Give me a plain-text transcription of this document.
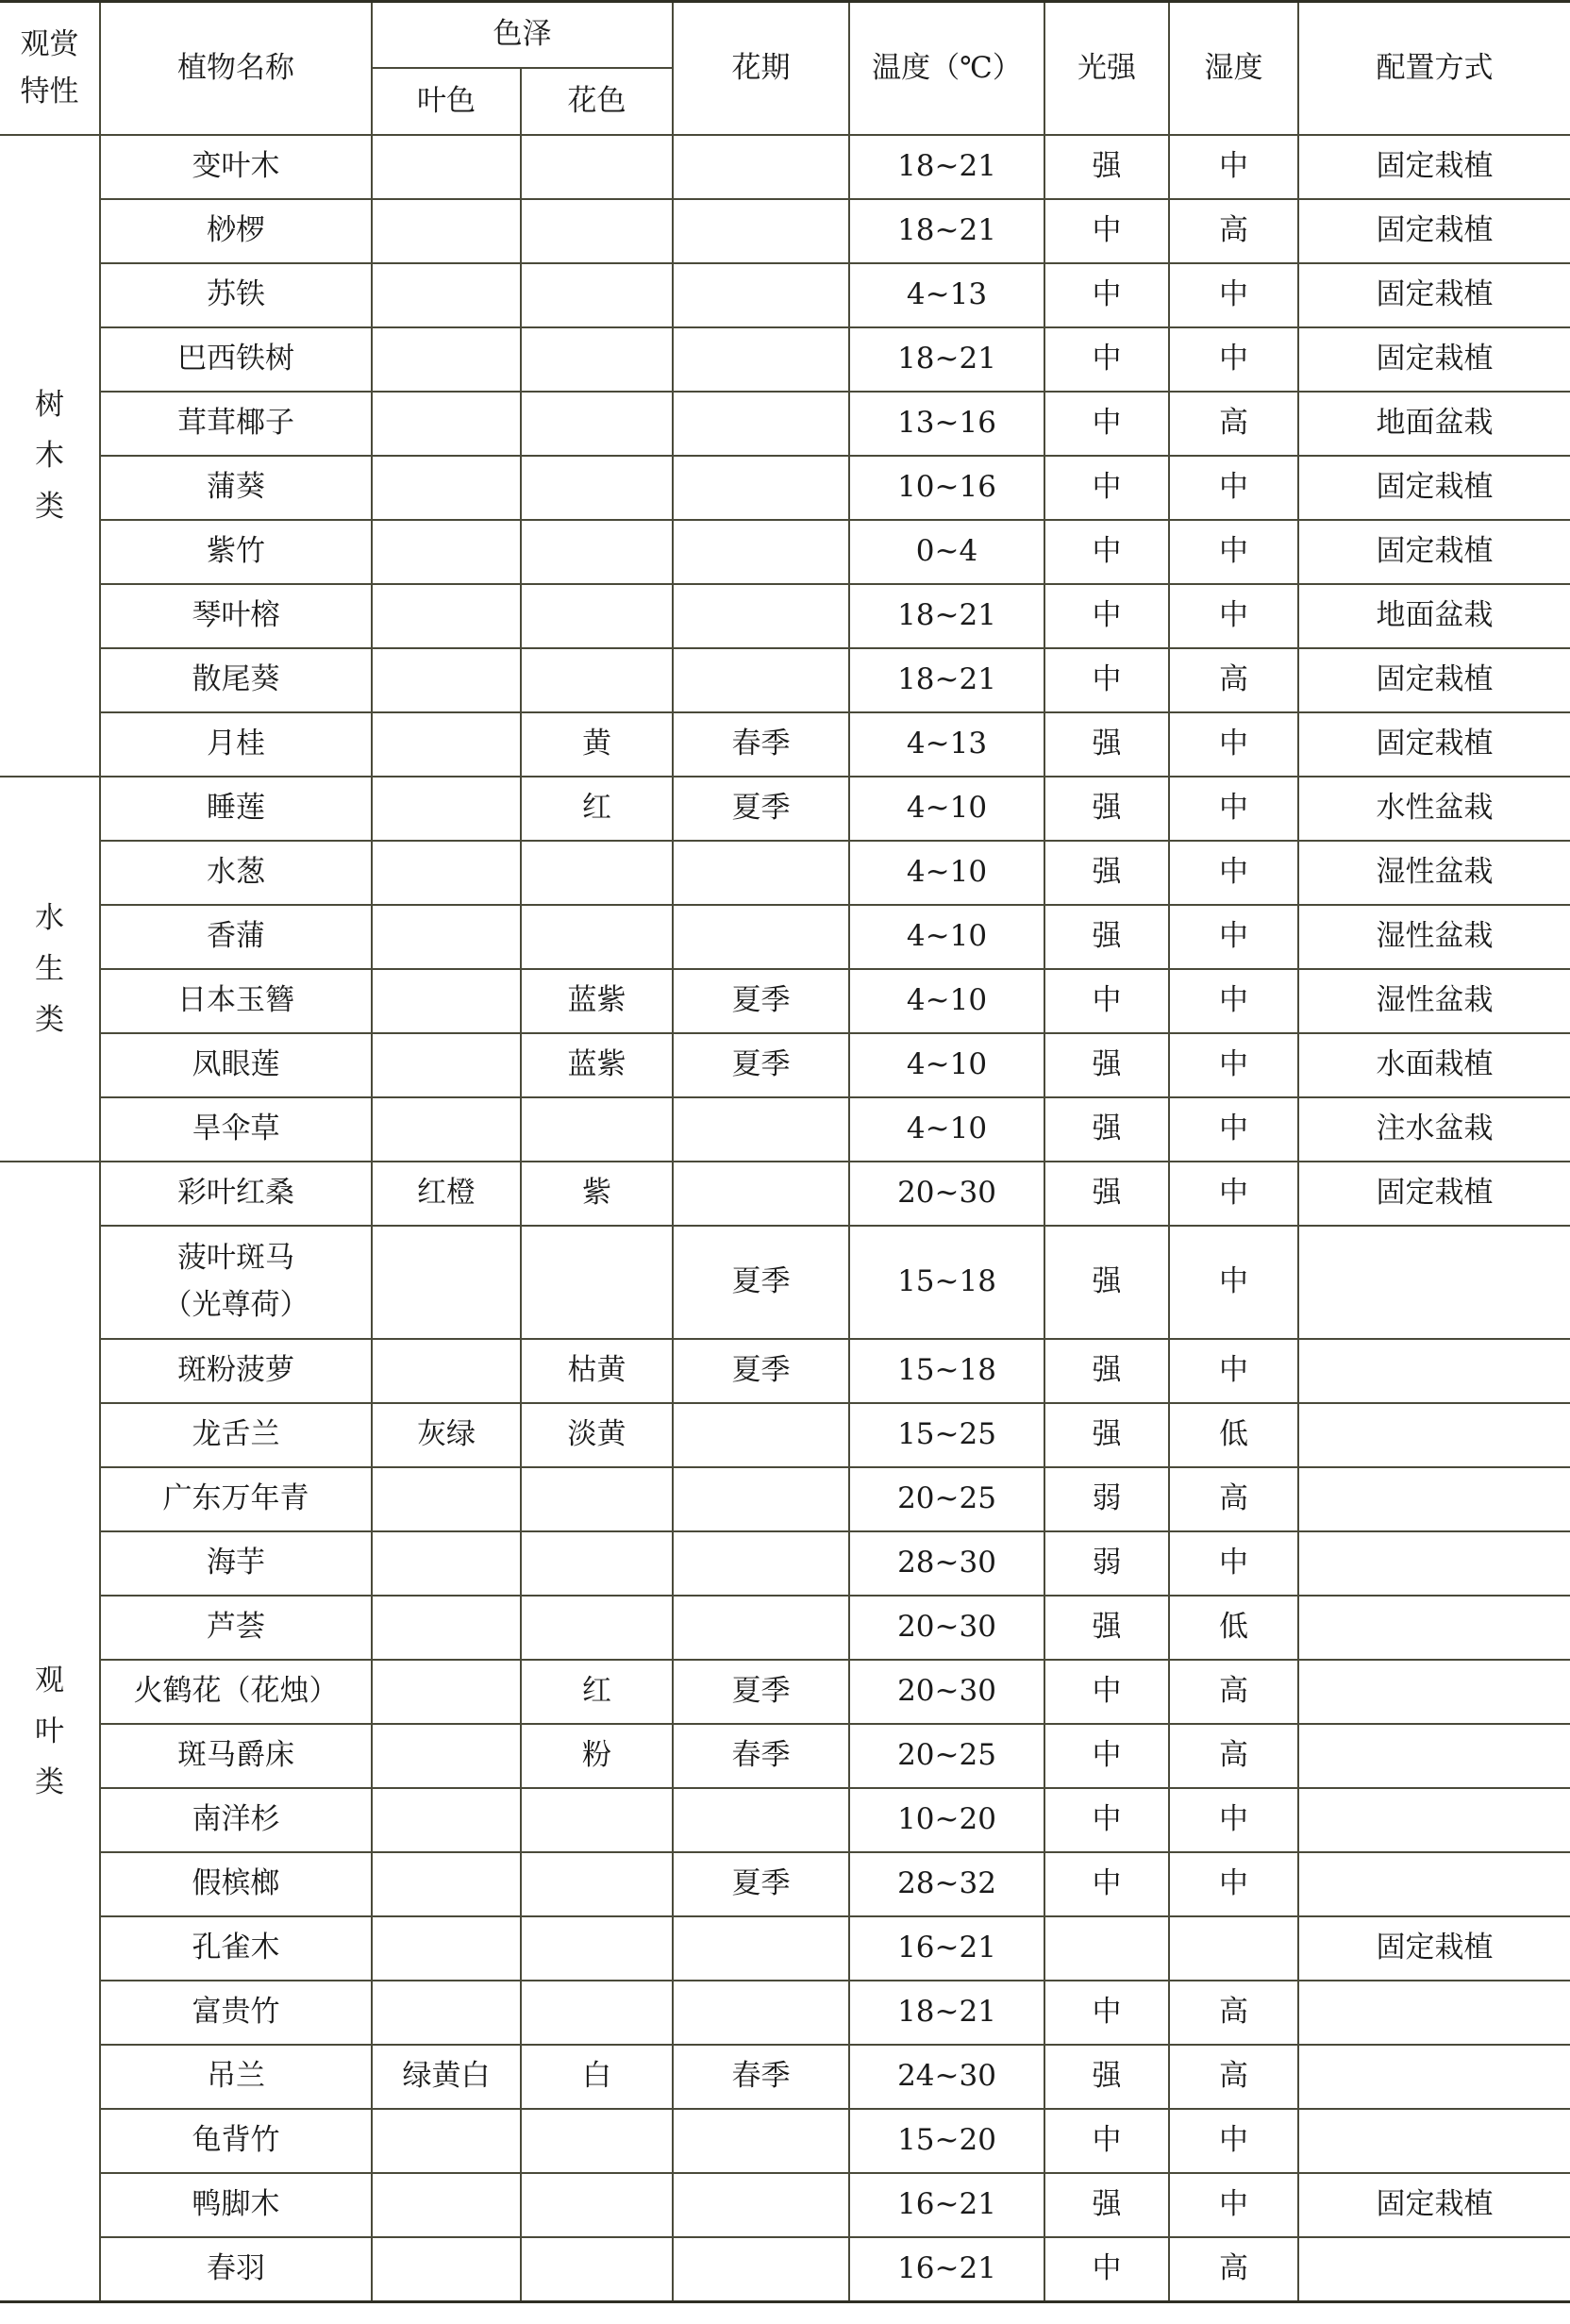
观赏
特性	植物名称	色泽		花期	温度（℃）	光强	湿度	配置方式
		叶色	花色					

树
木
类	变叶木				18~21	强	中	固定栽植

	桫椤				18~21	中	高	固定栽植

	苏铁				4~13	中	中	固定栽植

	巴西铁树				18~21	中	中	固定栽植

	茸茸椰子				13~16	中	高	地面盆栽

	蒲葵				10~16	中	中	固定栽植

	紫竹				0~4	中	中	固定栽植

	琴叶榕				18~21	中	中	地面盆栽

	散尾葵				18~21	中	高	固定栽植

	月桂		黄	春季	4~13	强	中	固定栽植

水
生
类	睡莲		红	夏季	4~10	强	中	水性盆栽

	水葱				4~10	强	中	湿性盆栽

	香蒲				4~10	强	中	湿性盆栽

	日本玉簪		蓝紫	夏季	4~10	中	中	湿性盆栽

	凤眼莲		蓝紫	夏季	4~10	强	中	水面栽植

	旱伞草				4~10	强	中	注水盆栽

观
叶
类	彩叶红桑	红橙	紫		20~30	强	中	固定栽植

	菠叶斑马
（光尊荷）			夏季	15~18	强	中	

	斑粉菠萝		枯黄	夏季	15~18	强	中	

	龙舌兰	灰绿	淡黄		15~25	强	低	

	广东万年青				20~25	弱	高	

	海芋				28~30	弱	中	

	芦荟				20~30	强	低	

	火鹤花（花烛）		红	夏季	20~30	中	高	

	斑马爵床		粉	春季	20~25	中	高	

	南洋杉				10~20	中	中	

	假槟榔			夏季	28~32	中	中	

	孔雀木				16~21			固定栽植

	富贵竹				18~21	中	高	

	吊兰	绿黄白	白	春季	24~30	强	高	

	龟背竹				15~20	中	中	

	鸭脚木				16~21	强	中	固定栽植

	春羽				16~21	中	高	
